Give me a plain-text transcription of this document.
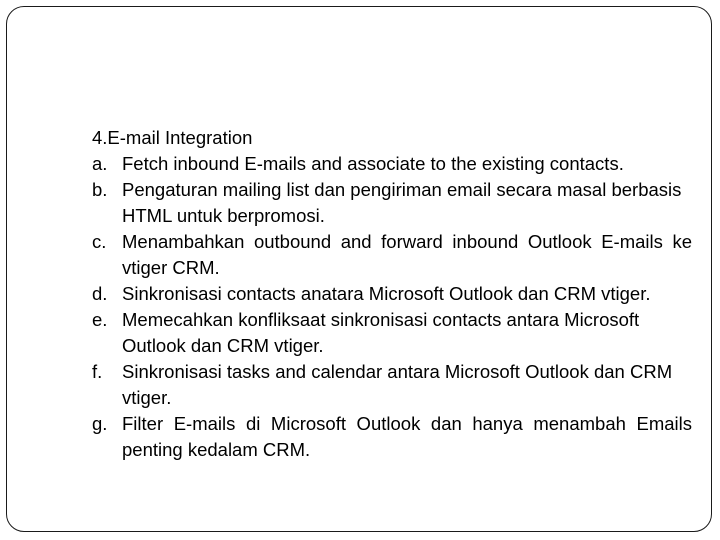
4.E-mail Integration
a. Fetch inbound E-mails and associate to the existing contacts.
b. Pengaturan mailing list dan pengiriman email secara masal berbasis HTML untuk berpromosi.
c. Menambahkan outbound and forward inbound Outlook E-mails ke vtiger CRM.
d. Sinkronisasi contacts anatara Microsoft Outlook dan CRM vtiger.
e. Memecahkan konfliksaat sinkronisasi contacts antara Microsoft Outlook dan CRM vtiger.
f. Sinkronisasi tasks and calendar antara Microsoft Outlook dan CRM vtiger.
g. Filter E-mails di Microsoft Outlook dan hanya menambah Emails penting kedalam CRM.
